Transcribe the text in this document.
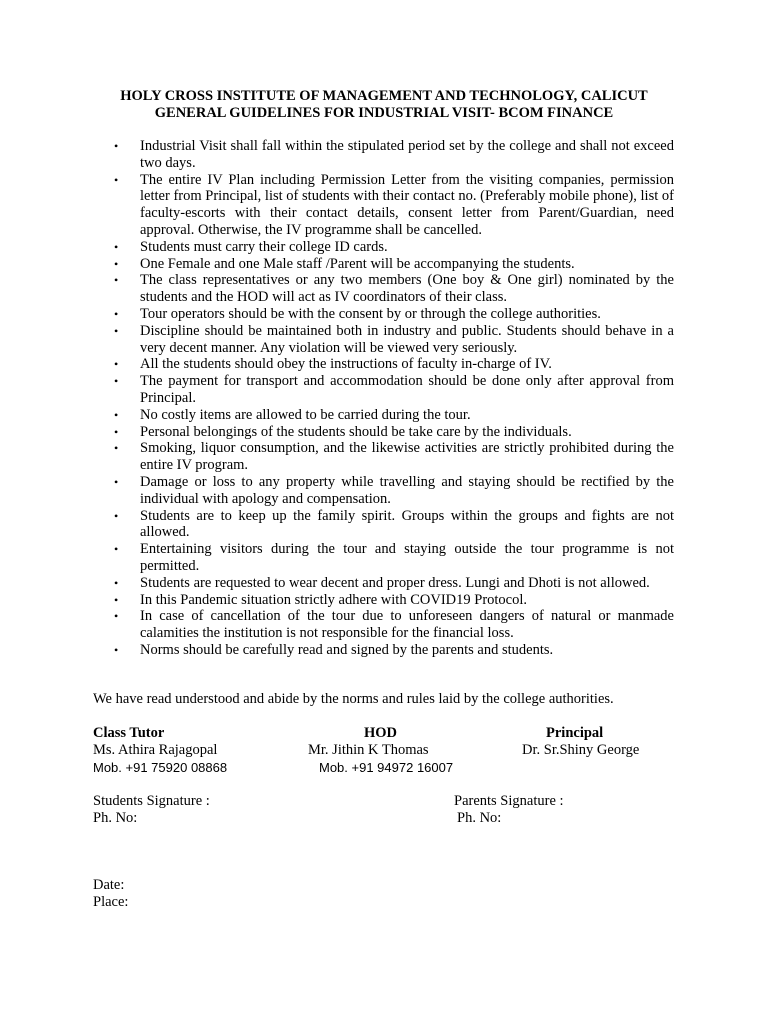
HOLY CROSS INSTITUTE OF MANAGEMENT AND TECHNOLOGY, CALICUT
GENERAL GUIDELINES FOR INDUSTRIAL VISIT- BCOM FINANCE
• Industrial Visit shall fall within the stipulated period set by the college and shall not exceed two days.
• The entire IV Plan including Permission Letter from the visiting companies, permission letter from Principal, list of students with their contact no. (Preferably mobile phone), list of faculty-escorts with their contact details, consent letter from Parent/Guardian, need approval. Otherwise, the IV programme shall be cancelled.
• Students must carry their college ID cards.
• One Female and one Male staff /Parent will be accompanying the students.
• The class representatives or any two members (One boy & One girl) nominated by the students and the HOD will act as IV coordinators of their class.
• Tour operators should be with the consent by or through the college authorities.
• Discipline should be maintained both in industry and public. Students should behave in a very decent manner. Any violation will be viewed very seriously.
• All the students should obey the instructions of faculty in-charge of IV.
• The payment for transport and accommodation should be done only after approval from Principal.
• No costly items are allowed to be carried during the tour.
• Personal belongings of the students should be take care by the individuals.
• Smoking, liquor consumption, and the likewise activities are strictly prohibited during the entire IV program.
• Damage or loss to any property while travelling and staying should be rectified by the individual with apology and compensation.
• Students are to keep up the family spirit. Groups within the groups and fights are not allowed.
• Entertaining visitors during the tour and staying outside the tour programme is not permitted.
• Students are requested to wear decent and proper dress. Lungi and Dhoti is not allowed.
• In this Pandemic situation strictly adhere with COVID19 Protocol.
• In case of cancellation of the tour due to unforeseen dangers of natural or manmade calamities the institution is not responsible for the financial loss.
• Norms should be carefully read and signed by the parents and students.
We have read understood and abide by the norms and rules laid by the college authorities.
Class Tutor
Ms. Athira Rajagopal
Mob. +91 75920 08868
HOD
Mr. Jithin K Thomas
Mob. +91 94972 16007
Principal
Dr. Sr.Shiny George
Students Signature :
Ph. No:
Parents Signature :
Ph. No:
Date:
Place:
